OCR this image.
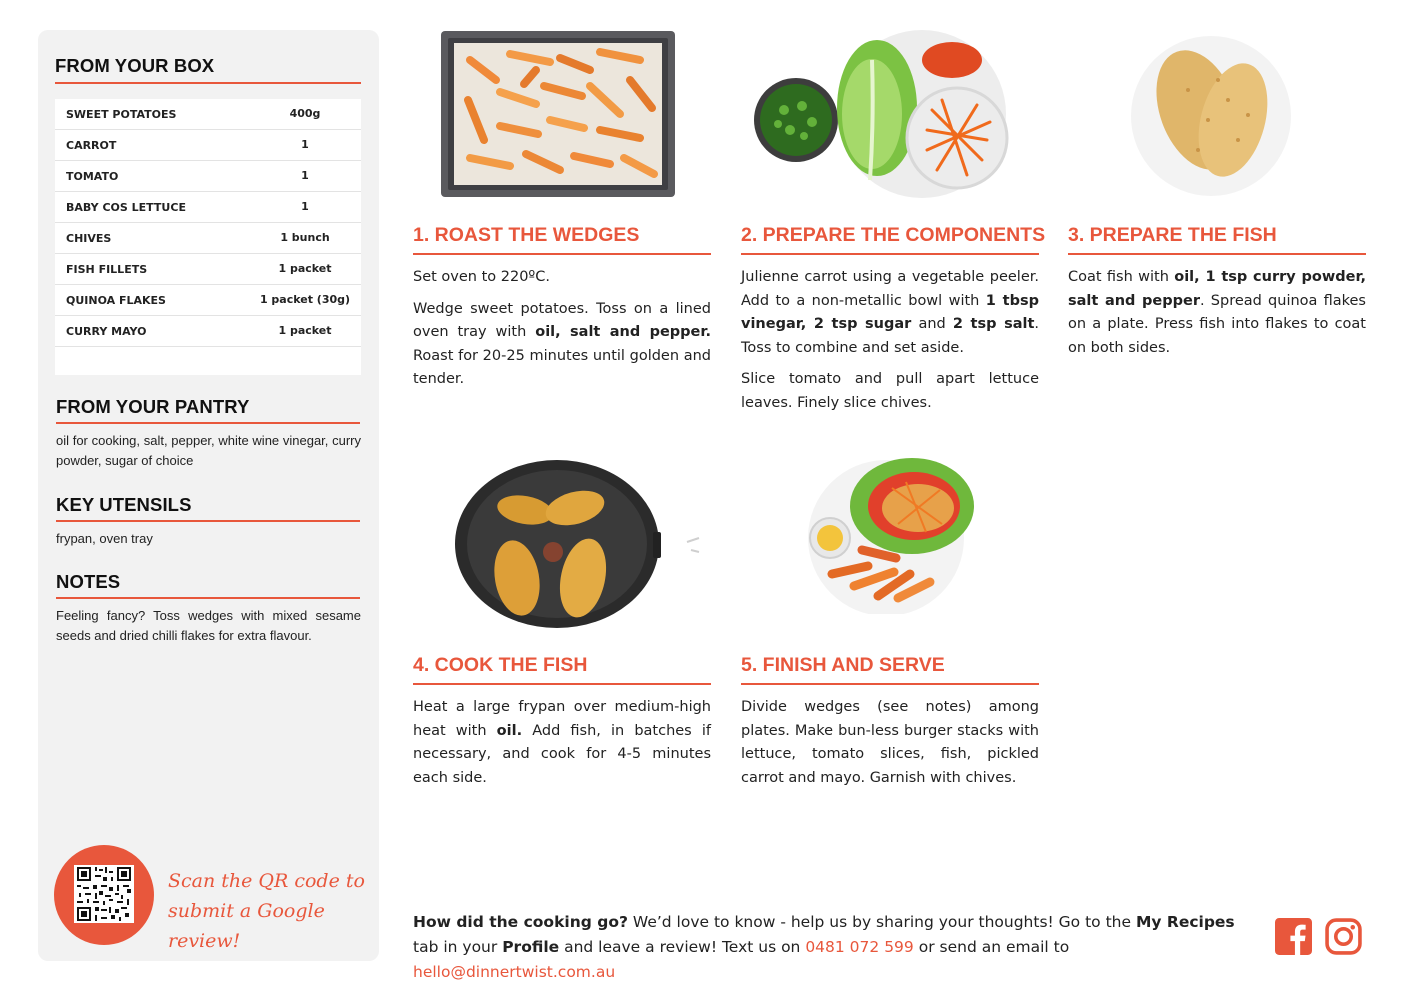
FROM YOUR BOX
SWEET POTATOES	400g
CARROT	1
TOMATO	1
BABY COS LETTUCE	1
CHIVES	1 bunch
FISH FILLETS	1 packet
QUINOA FLAKES	1 packet (30g)
CURRY MAYO	1 packet
FROM YOUR PANTRY
oil for cooking, salt, pepper, white wine vinegar, curry powder, sugar of choice
KEY UTENSILS
frypan, oven tray
NOTES
Feeling fancy? Toss wedges with mixed sesame seeds and dried chilli flakes for extra flavour.
Scan the QR code to
submit a Google review!
1. ROAST THE WEDGES

Set oven to 220ºC.

Wedge sweet potatoes. Toss on a lined oven tray with oil, salt and pepper. Roast for 20-25 minutes until golden and tender.

2. PREPARE THE COMPONENTS

Julienne carrot using a vegetable peeler. Add to a non-metallic bowl with 1 tbsp vinegar, 2 tsp sugar and 2 tsp salt. Toss to combine and set aside.

Slice tomato and pull apart lettuce leaves. Finely slice chives.

3. PREPARE THE FISH

Coat fish with oil, 1 tsp curry powder, salt and pepper. Spread quinoa flakes on a plate. Press fish into flakes to coat on both sides.

4. COOK THE FISH

Heat a large frypan over medium-high heat with oil. Add fish, in batches if necessary, and cook for 4-5 minutes each side.

5. FINISH AND SERVE

Divide wedges (see notes) among plates. Make bun-less burger stacks with lettuce, tomato slices, fish, pickled carrot and mayo. Garnish with chives.

How did the cooking go? We’d love to know - help us by sharing your thoughts! Go to the My Recipes tab in your Profile and leave a review! Text us on 0481 072 599 or send an email to hello@dinnertwist.com.au
